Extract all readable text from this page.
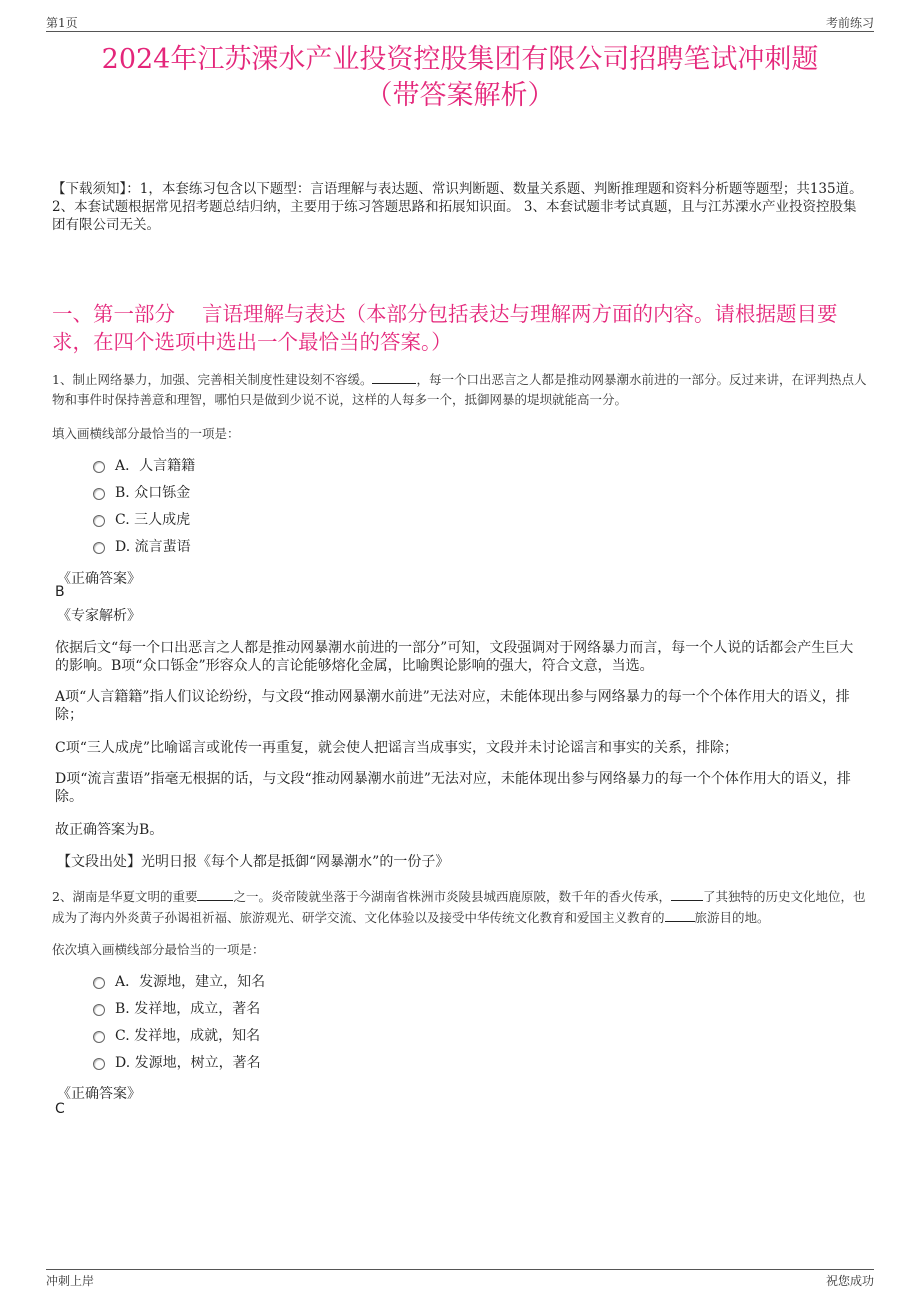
第1页	考前练习
2024年江苏溧水产业投资控股集团有限公司招聘笔试冲刺题
（带答案解析）
【下载须知】：1，本套练习包含以下题型：言语理解与表达题、常识判断题、数量关系题、判断推理题和资料分析题等题型；共135道。 2、本套试题根据常见招考题总结归纳，主要用于练习答题思路和拓展知识面。 3、本套试题非考试真题，且与江苏溧水产业投资控股集团有限公司无关。
一、第一部分　 言语理解与表达（本部分包括表达与理解两方面的内容。请根据题目要求，在四个选项中选出一个最恰当的答案。）
1、制止网络暴力，加强、完善相关制度性建设刻不容缓。	，每一个口出恶言之人都是推动网暴潮水前进的一部分。反过来讲，在评判热点人物和事件时保持善意和理智，哪怕只是做到少说不说，这样的人每多一个，抵御网暴的堤坝就能高一分。
填入画横线部分最恰当的一项是：
A．人言籍籍
B. 众口铄金
C. 三人成虎
D. 流言蜚语
《正确答案》
B
《专家解析》
依据后文“每一个口出恶言之人都是推动网暴潮水前进的一部分”可知，文段强调对于网络暴力而言，每一个人说的话都会产生巨大的影响。B项“众口铄金”形容众人的言论能够熔化金属，比喻舆论影响的强大，符合文意，当选。
A项“人言籍籍”指人们议论纷纷，与文段“推动网暴潮水前进”无法对应，未能体现出参与网络暴力的每一个个体作用大的语义，排除；
C项“三人成虎”比喻谣言或讹传一再重复，就会使人把谣言当成事实，文段并未讨论谣言和事实的关系，排除；
D项“流言蜚语”指毫无根据的话，与文段“推动网暴潮水前进”无法对应，未能体现出参与网络暴力的每一个个体作用大的语义，排除。
故正确答案为B。
【文段出处】光明日报《每个人都是抵御“网暴潮水”的一份子》
2、湖南是华夏文明的重要	之一。炎帝陵就坐落于今湖南省株洲市炎陵县城西鹿原陂，数千年的香火传承，	了其独特的历史文化地位，也成为了海内外炎黄子孙谒祖祈福、旅游观光、研学交流、文化体验以及接受中华传统文化教育和爱国主义教育的 旅游目的地。
依次填入画横线部分最恰当的一项是：
A．发源地，建立，知名
B. 发祥地，成立，著名
C. 发祥地，成就，知名
D. 发源地，树立，著名
《正确答案》
C
冲刺上岸	祝您成功
